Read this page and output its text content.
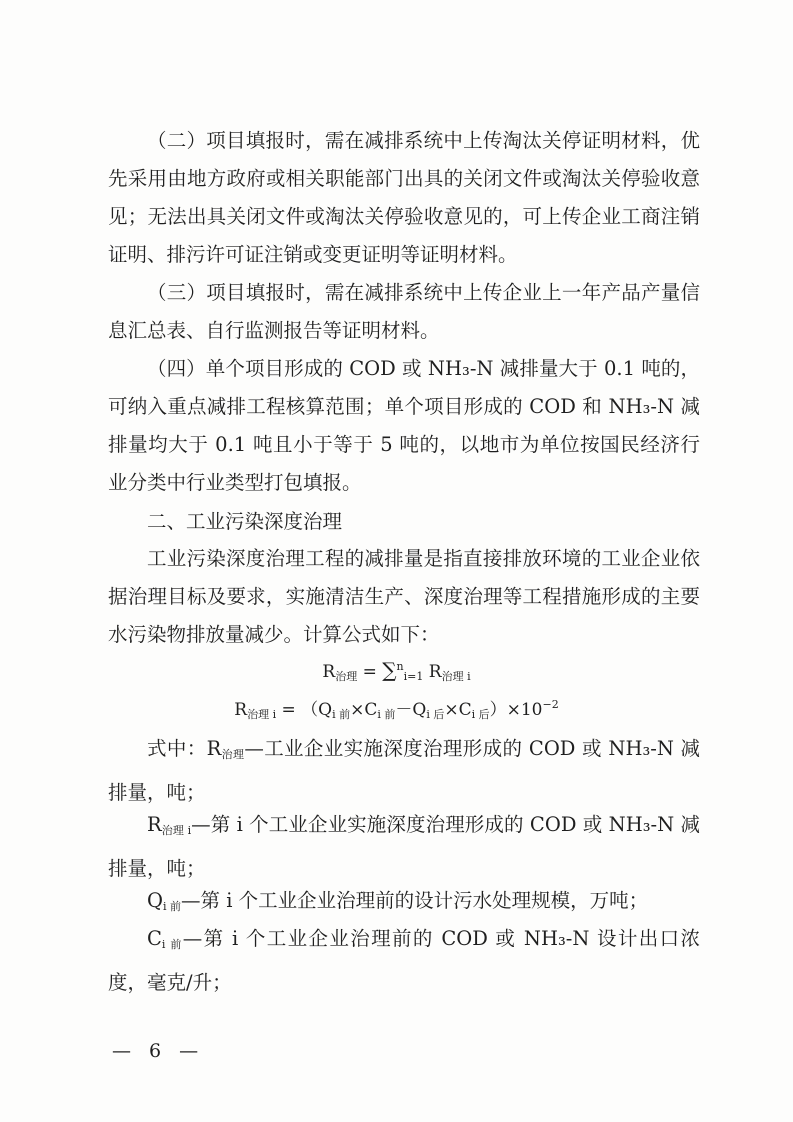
（二）项目填报时，需在减排系统中上传淘汰关停证明材料，优先采用由地方政府或相关职能部门出具的关闭文件或淘汰关停验收意见；无法出具关闭文件或淘汰关停验收意见的，可上传企业工商注销证明、排污许可证注销或变更证明等证明材料。

（三）项目填报时，需在减排系统中上传企业上一年产品产量信息汇总表、自行监测报告等证明材料。

（四）单个项目形成的 COD 或 NH₃-N 减排量大于 0.1 吨的，可纳入重点减排工程核算范围；单个项目形成的 COD 和 NH₃-N 减排量均大于 0.1 吨且小于等于 5 吨的，以地市为单位按国民经济行业分类中行业类型打包填报。

二、工业污染深度治理

工业污染深度治理工程的减排量是指直接排放环境的工业企业依据治理目标及要求，实施清洁生产、深度治理等工程措施形成的主要水污染物排放量减少。计算公式如下：

$R_{治理} = \sum^n_{i=1}$ $R_{治理 i}$
$R_{治理 i} = (Q_{i 前}\times C_{i 前}-Q_{i 后}\times C_{i 后})\times 10^{-2}$

式中：$R_{治理}—$工业企业实施深度治理形成的 COD 或 NH₃-N 减排量，吨；

$R_{治理 i}—$第 i 个工业企业实施深度治理形成的 COD 或 NH₃-N 减排量，吨；

$Q_{i 前}—$第 i 个工业企业治理前的设计污水处理规模，万吨；

$C_{i 前}—$第 i 个工业企业治理前的 COD 或 NH₃-N 设计出口浓度，毫克/升；

— 6 —
